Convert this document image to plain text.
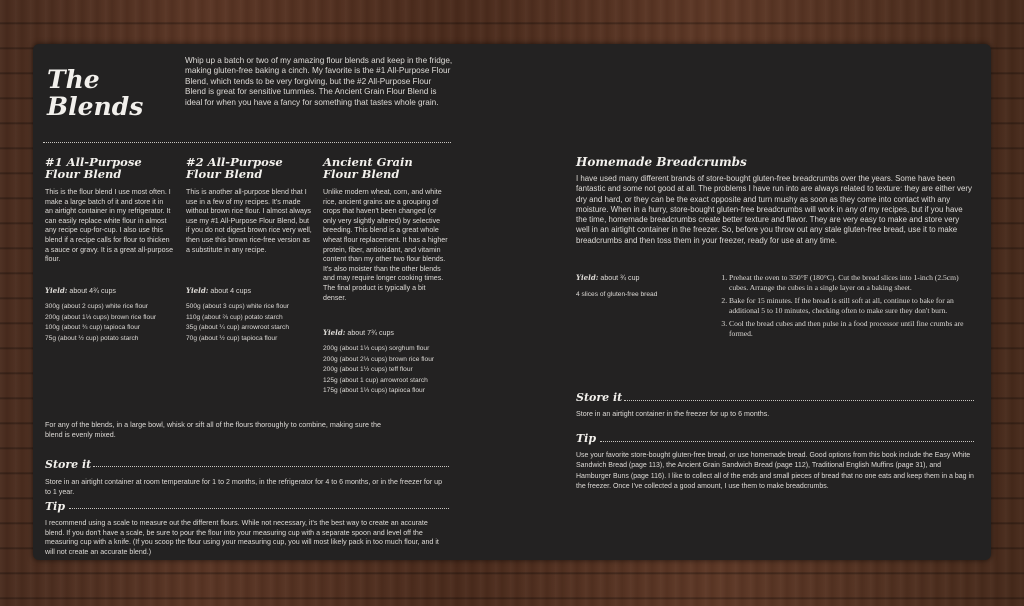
The
Blends
Whip up a batch or two of my amazing flour blends and keep in the fridge, making gluten-free baking a cinch. My favorite is the #1 All-Purpose Flour Blend, which tends to be very forgiving, but the #2 All-Purpose Flour Blend is great for sensitive tummies. The Ancient Grain Flour Blend is ideal for when you have a fancy for something that tastes whole grain.
#1 All-Purpose
Flour Blend
This is the flour blend I use most often. I make a large batch of it and store it in an airtight container in my refrigerator. It can easily replace white flour in almost any recipe cup-for-cup. I also use this blend if a recipe calls for flour to thicken a sauce or gravy. It is a great all-purpose flour.
Yield: about 4¾ cups
300g (about 2 cups) white rice flour
200g (about 1⅓ cups) brown rice flour
100g (about ¾ cup) tapioca flour
75g (about ½ cup) potato starch
#2 All-Purpose
Flour Blend
This is another all-purpose blend that I use in a few of my recipes. It's made without brown rice flour. I almost always use my #1 All-Purpose Flour Blend, but if you do not digest brown rice very well, then use this brown rice-free version as a substitute in any recipe.
Yield: about 4 cups
500g (about 3 cups) white rice flour
110g (about ⅔ cup) potato starch
35g (about ¼ cup) arrowroot starch
70g (about ½ cup) tapioca flour
Ancient Grain
Flour Blend
Unlike modern wheat, corn, and white rice, ancient grains are a grouping of crops that haven't been changed (or only very slightly altered) by selective breeding. This blend is a great whole wheat flour replacement. It has a higher protein, fiber, antioxidant, and vitamin content than my other two flour blends. It's also moister than the other blends and may require longer cooking times. The final product is typically a bit denser.
Yield: about 7¾ cups
200g (about 1⅓ cups) sorghum flour
200g (about 2⅓ cups) brown rice flour
200g (about 1½ cups) teff flour
125g (about 1 cup) arrowroot starch
175g (about 1⅓ cups) tapioca flour
For any of the blends, in a large bowl, whisk or sift all of the flours thoroughly to combine, making sure the blend is evenly mixed.
Store it
Store in an airtight container at room temperature for 1 to 2 months, in the refrigerator for 4 to 6 months, or in the freezer for up to 1 year.
Tip
I recommend using a scale to measure out the different flours. While not necessary, it's the best way to create an accurate blend. If you don't have a scale, be sure to pour the flour into your measuring cup with a separate spoon and level off the measuring cup with a knife. (If you scoop the flour using your measuring cup, you will most likely pack in too much flour, and it will not create an accurate blend.)
Homemade Breadcrumbs
I have used many different brands of store-bought gluten-free breadcrumbs over the years. Some have been fantastic and some not good at all. The problems I have run into are always related to texture: they are either very dry and hard, or they can be the exact opposite and turn mushy as soon as they come into contact with any moisture. When in a hurry, store-bought gluten-free breadcrumbs will work in any of my recipes, but if you have the time, homemade breadcrumbs create better texture and flavor. They are very easy to make and store very well in an airtight container in the freezer. So, before you throw out any stale gluten-free bread, use it to make breadcrumbs and then toss them in your freezer, ready for use at any time.
Yield: about ¾ cup
4 slices of gluten-free bread
1. Preheat the oven to 350°F (180°C). Cut the bread slices into 1-inch (2.5cm) cubes. Arrange the cubes in a single layer on a baking sheet.
2. Bake for 15 minutes. If the bread is still soft at all, continue to bake for an additional 5 to 10 minutes, checking often to make sure they don't burn.
3. Cool the bread cubes and then pulse in a food processor until fine crumbs are formed.
Store it
Store in an airtight container in the freezer for up to 6 months.
Tip
Use your favorite store-bought gluten-free bread, or use homemade bread. Good options from this book include the Easy White Sandwich Bread (page 113), the Ancient Grain Sandwich Bread (page 112), Traditional English Muffins (page 31), and Hamburger Buns (page 116). I like to collect all of the ends and small pieces of bread that no one eats and keep them in a bag in the freezer. Once I've collected a good amount, I use them to make breadcrumbs.
